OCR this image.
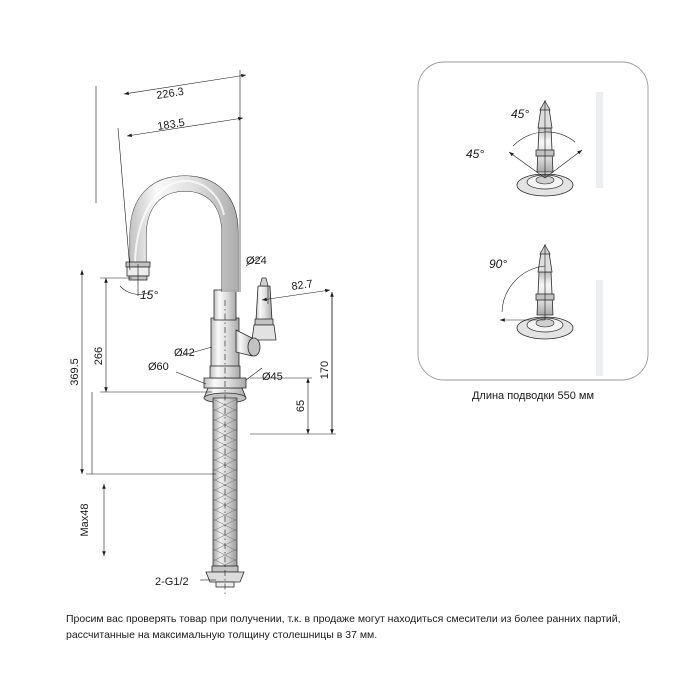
226.3
183.5
Ø24
15°
82.7
Ø42
Ø60
Ø45
369.5
266
Max48
170
65
2-G1/2
45°
45°
90°
Длина подводки 550 мм

Просим вас проверять товар при получении, т.к. в продаже могут находиться смесители из более ранних партий,

рассчитанные на максимальную толщину столешницы в 37 мм.
